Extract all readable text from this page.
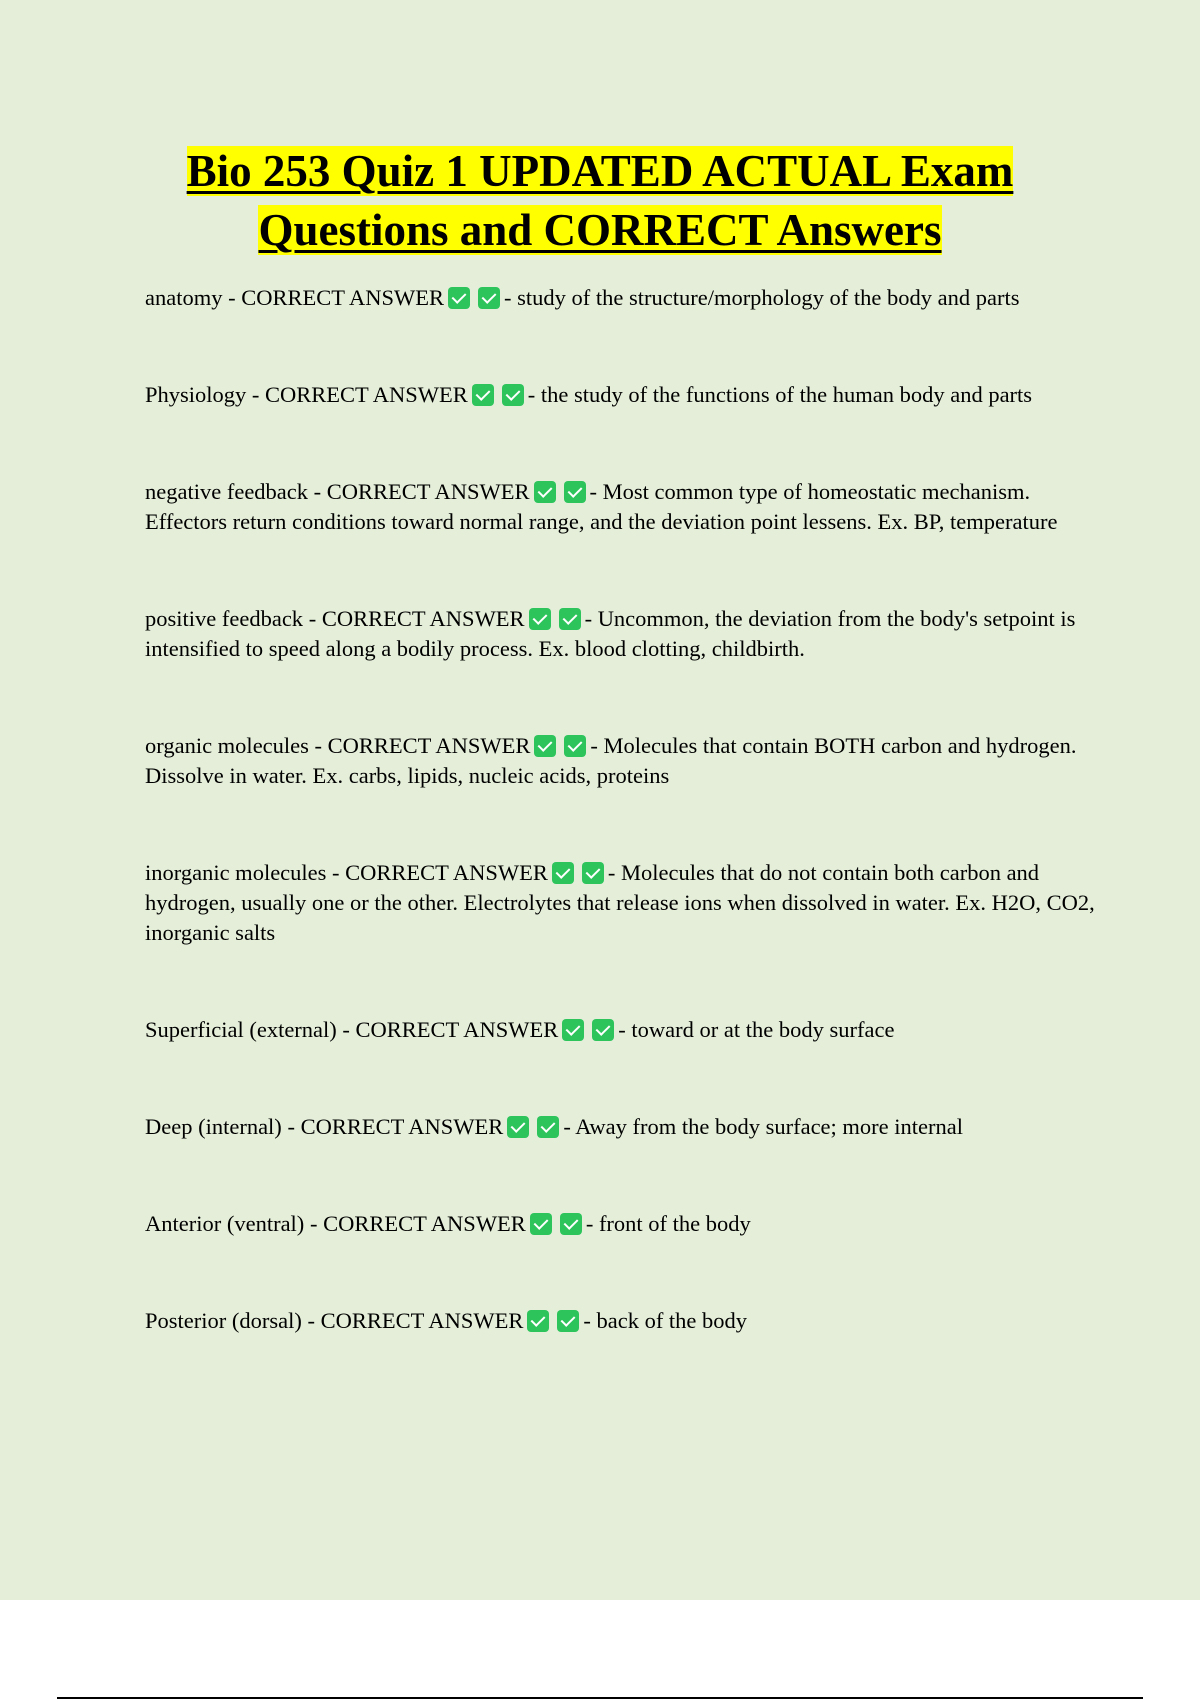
Bio 253 Quiz 1 UPDATED ACTUAL Exam
Questions and CORRECT Answers

anatomy - CORRECT ANSWER	- study of the structure/morphology of the body and parts

Physiology - CORRECT ANSWER	- the study of the functions of the human body and parts

negative feedback - CORRECT ANSWER	- Most common type of homeostatic mechanism. Effectors return conditions toward normal range, and the deviation point lessens. Ex. BP, temperature

positive feedback - CORRECT ANSWER	- Uncommon, the deviation from the body's setpoint is intensified to speed along a bodily process. Ex. blood clotting, childbirth.

organic molecules - CORRECT ANSWER	- Molecules that contain BOTH carbon and hydrogen. Dissolve in water. Ex. carbs, lipids, nucleic acids, proteins

inorganic molecules - CORRECT ANSWER	- Molecules that do not contain both carbon and hydrogen, usually one or the other. Electrolytes that release ions when dissolved in water. Ex. H2O, CO2, inorganic salts

Superficial (external) - CORRECT ANSWER	- toward or at the body surface

Deep (internal) - CORRECT ANSWER	- Away from the body surface; more internal

Anterior (ventral) - CORRECT ANSWER	- front of the body

Posterior (dorsal) - CORRECT ANSWER	- back of the body
